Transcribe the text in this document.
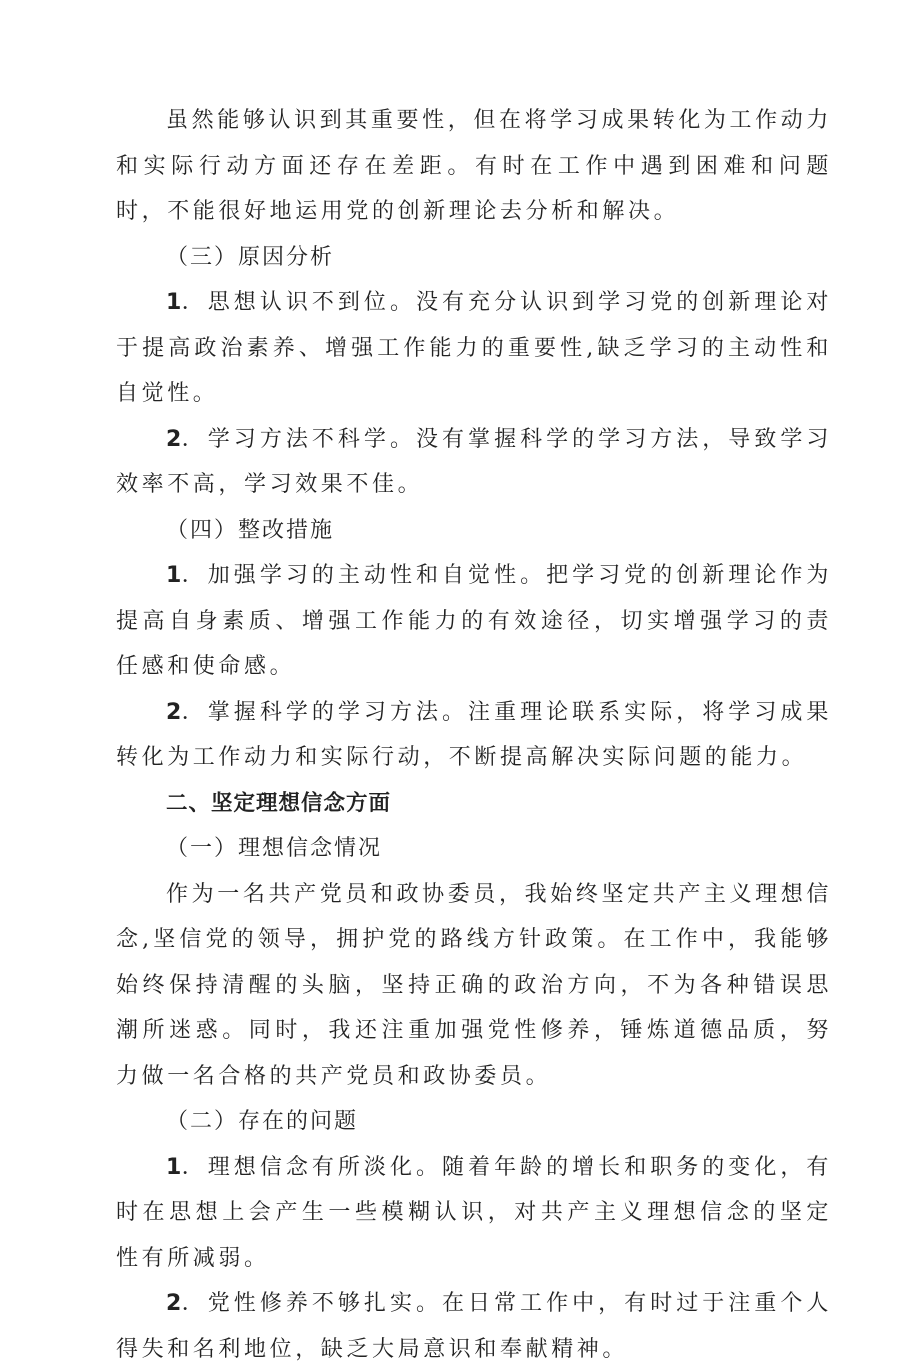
虽然能够认识到其重要性，但在将学习成果转化为工作动力和实际行动方面还存在差距。有时在工作中遇到困难和问题时，不能很好地运用党的创新理论去分析和解决。

（三）原因分析

1．思想认识不到位。没有充分认识到学习党的创新理论对于提高政治素养、增强工作能力的重要性,缺乏学习的主动性和自觉性。

2．学习方法不科学。没有掌握科学的学习方法，导致学习效率不高，学习效果不佳。

（四）整改措施

1．加强学习的主动性和自觉性。把学习党的创新理论作为提高自身素质、增强工作能力的有效途径，切实增强学习的责任感和使命感。

2．掌握科学的学习方法。注重理论联系实际，将学习成果转化为工作动力和实际行动，不断提高解决实际问题的能力。

二、坚定理想信念方面

（一）理想信念情况

作为一名共产党员和政协委员，我始终坚定共产主义理想信念,坚信党的领导，拥护党的路线方针政策。在工作中，我能够始终保持清醒的头脑，坚持正确的政治方向，不为各种错误思潮所迷惑。同时，我还注重加强党性修养，锤炼道德品质，努力做一名合格的共产党员和政协委员。

（二）存在的问题

1．理想信念有所淡化。随着年龄的增长和职务的变化，有时在思想上会产生一些模糊认识，对共产主义理想信念的坚定性有所减弱。

2．党性修养不够扎实。在日常工作中，有时过于注重个人得失和名利地位，缺乏大局意识和奉献精神。
